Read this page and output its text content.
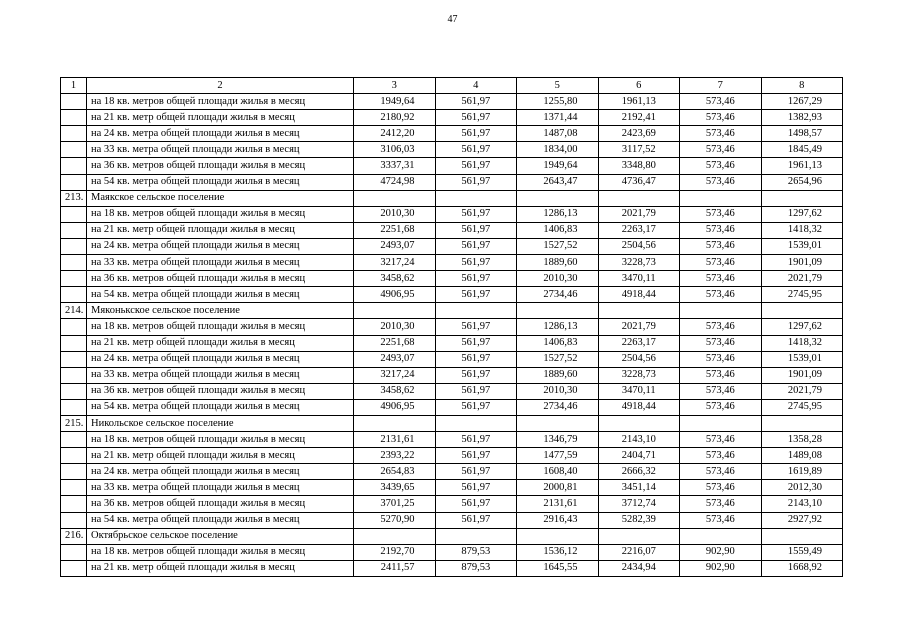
47
1	2	3	4	5	6	7	8
	на 18 кв. метров общей площади жилья в месяц	1949,64	561,97	1255,80	1961,13	573,46	1267,29
	на 21 кв. метр общей площади жилья в месяц	2180,92	561,97	1371,44	2192,41	573,46	1382,93
	на 24 кв. метра общей площади жилья в месяц	2412,20	561,97	1487,08	2423,69	573,46	1498,57
	на 33 кв. метра общей площади жилья в месяц	3106,03	561,97	1834,00	3117,52	573,46	1845,49
	на 36 кв. метров общей площади жилья в месяц	3337,31	561,97	1949,64	3348,80	573,46	1961,13
	на 54 кв. метра общей площади жилья в месяц	4724,98	561,97	2643,47	4736,47	573,46	2654,96
213.	Маякское сельское поселение						
	на 18 кв. метров общей площади жилья в месяц	2010,30	561,97	1286,13	2021,79	573,46	1297,62
	на 21 кв. метр общей площади жилья в месяц	2251,68	561,97	1406,83	2263,17	573,46	1418,32
	на 24 кв. метра общей площади жилья в месяц	2493,07	561,97	1527,52	2504,56	573,46	1539,01
	на 33 кв. метра общей площади жилья в месяц	3217,24	561,97	1889,60	3228,73	573,46	1901,09
	на 36 кв. метров общей площади жилья в месяц	3458,62	561,97	2010,30	3470,11	573,46	2021,79
	на 54 кв. метра общей площади жилья в месяц	4906,95	561,97	2734,46	4918,44	573,46	2745,95
214.	Мяконькское сельское поселение						
	на 18 кв. метров общей площади жилья в месяц	2010,30	561,97	1286,13	2021,79	573,46	1297,62
	на 21 кв. метр общей площади жилья в месяц	2251,68	561,97	1406,83	2263,17	573,46	1418,32
	на 24 кв. метра общей площади жилья в месяц	2493,07	561,97	1527,52	2504,56	573,46	1539,01
	на 33 кв. метра общей площади жилья в месяц	3217,24	561,97	1889,60	3228,73	573,46	1901,09
	на 36 кв. метров общей площади жилья в месяц	3458,62	561,97	2010,30	3470,11	573,46	2021,79
	на 54 кв. метра общей площади жилья в месяц	4906,95	561,97	2734,46	4918,44	573,46	2745,95
215.	Никольское сельское поселение						
	на 18 кв. метров общей площади жилья в месяц	2131,61	561,97	1346,79	2143,10	573,46	1358,28
	на 21 кв. метр общей площади жилья в месяц	2393,22	561,97	1477,59	2404,71	573,46	1489,08
	на 24 кв. метра общей площади жилья в месяц	2654,83	561,97	1608,40	2666,32	573,46	1619,89
	на 33 кв. метра общей площади жилья в месяц	3439,65	561,97	2000,81	3451,14	573,46	2012,30
	на 36 кв. метров общей площади жилья в месяц	3701,25	561,97	2131,61	3712,74	573,46	2143,10
	на 54 кв. метра общей площади жилья в месяц	5270,90	561,97	2916,43	5282,39	573,46	2927,92
216.	Октябрьское сельское поселение						
	на 18 кв. метров общей площади жилья в месяц	2192,70	879,53	1536,12	2216,07	902,90	1559,49
	на 21 кв. метр общей площади жилья в месяц	2411,57	879,53	1645,55	2434,94	902,90	1668,92
